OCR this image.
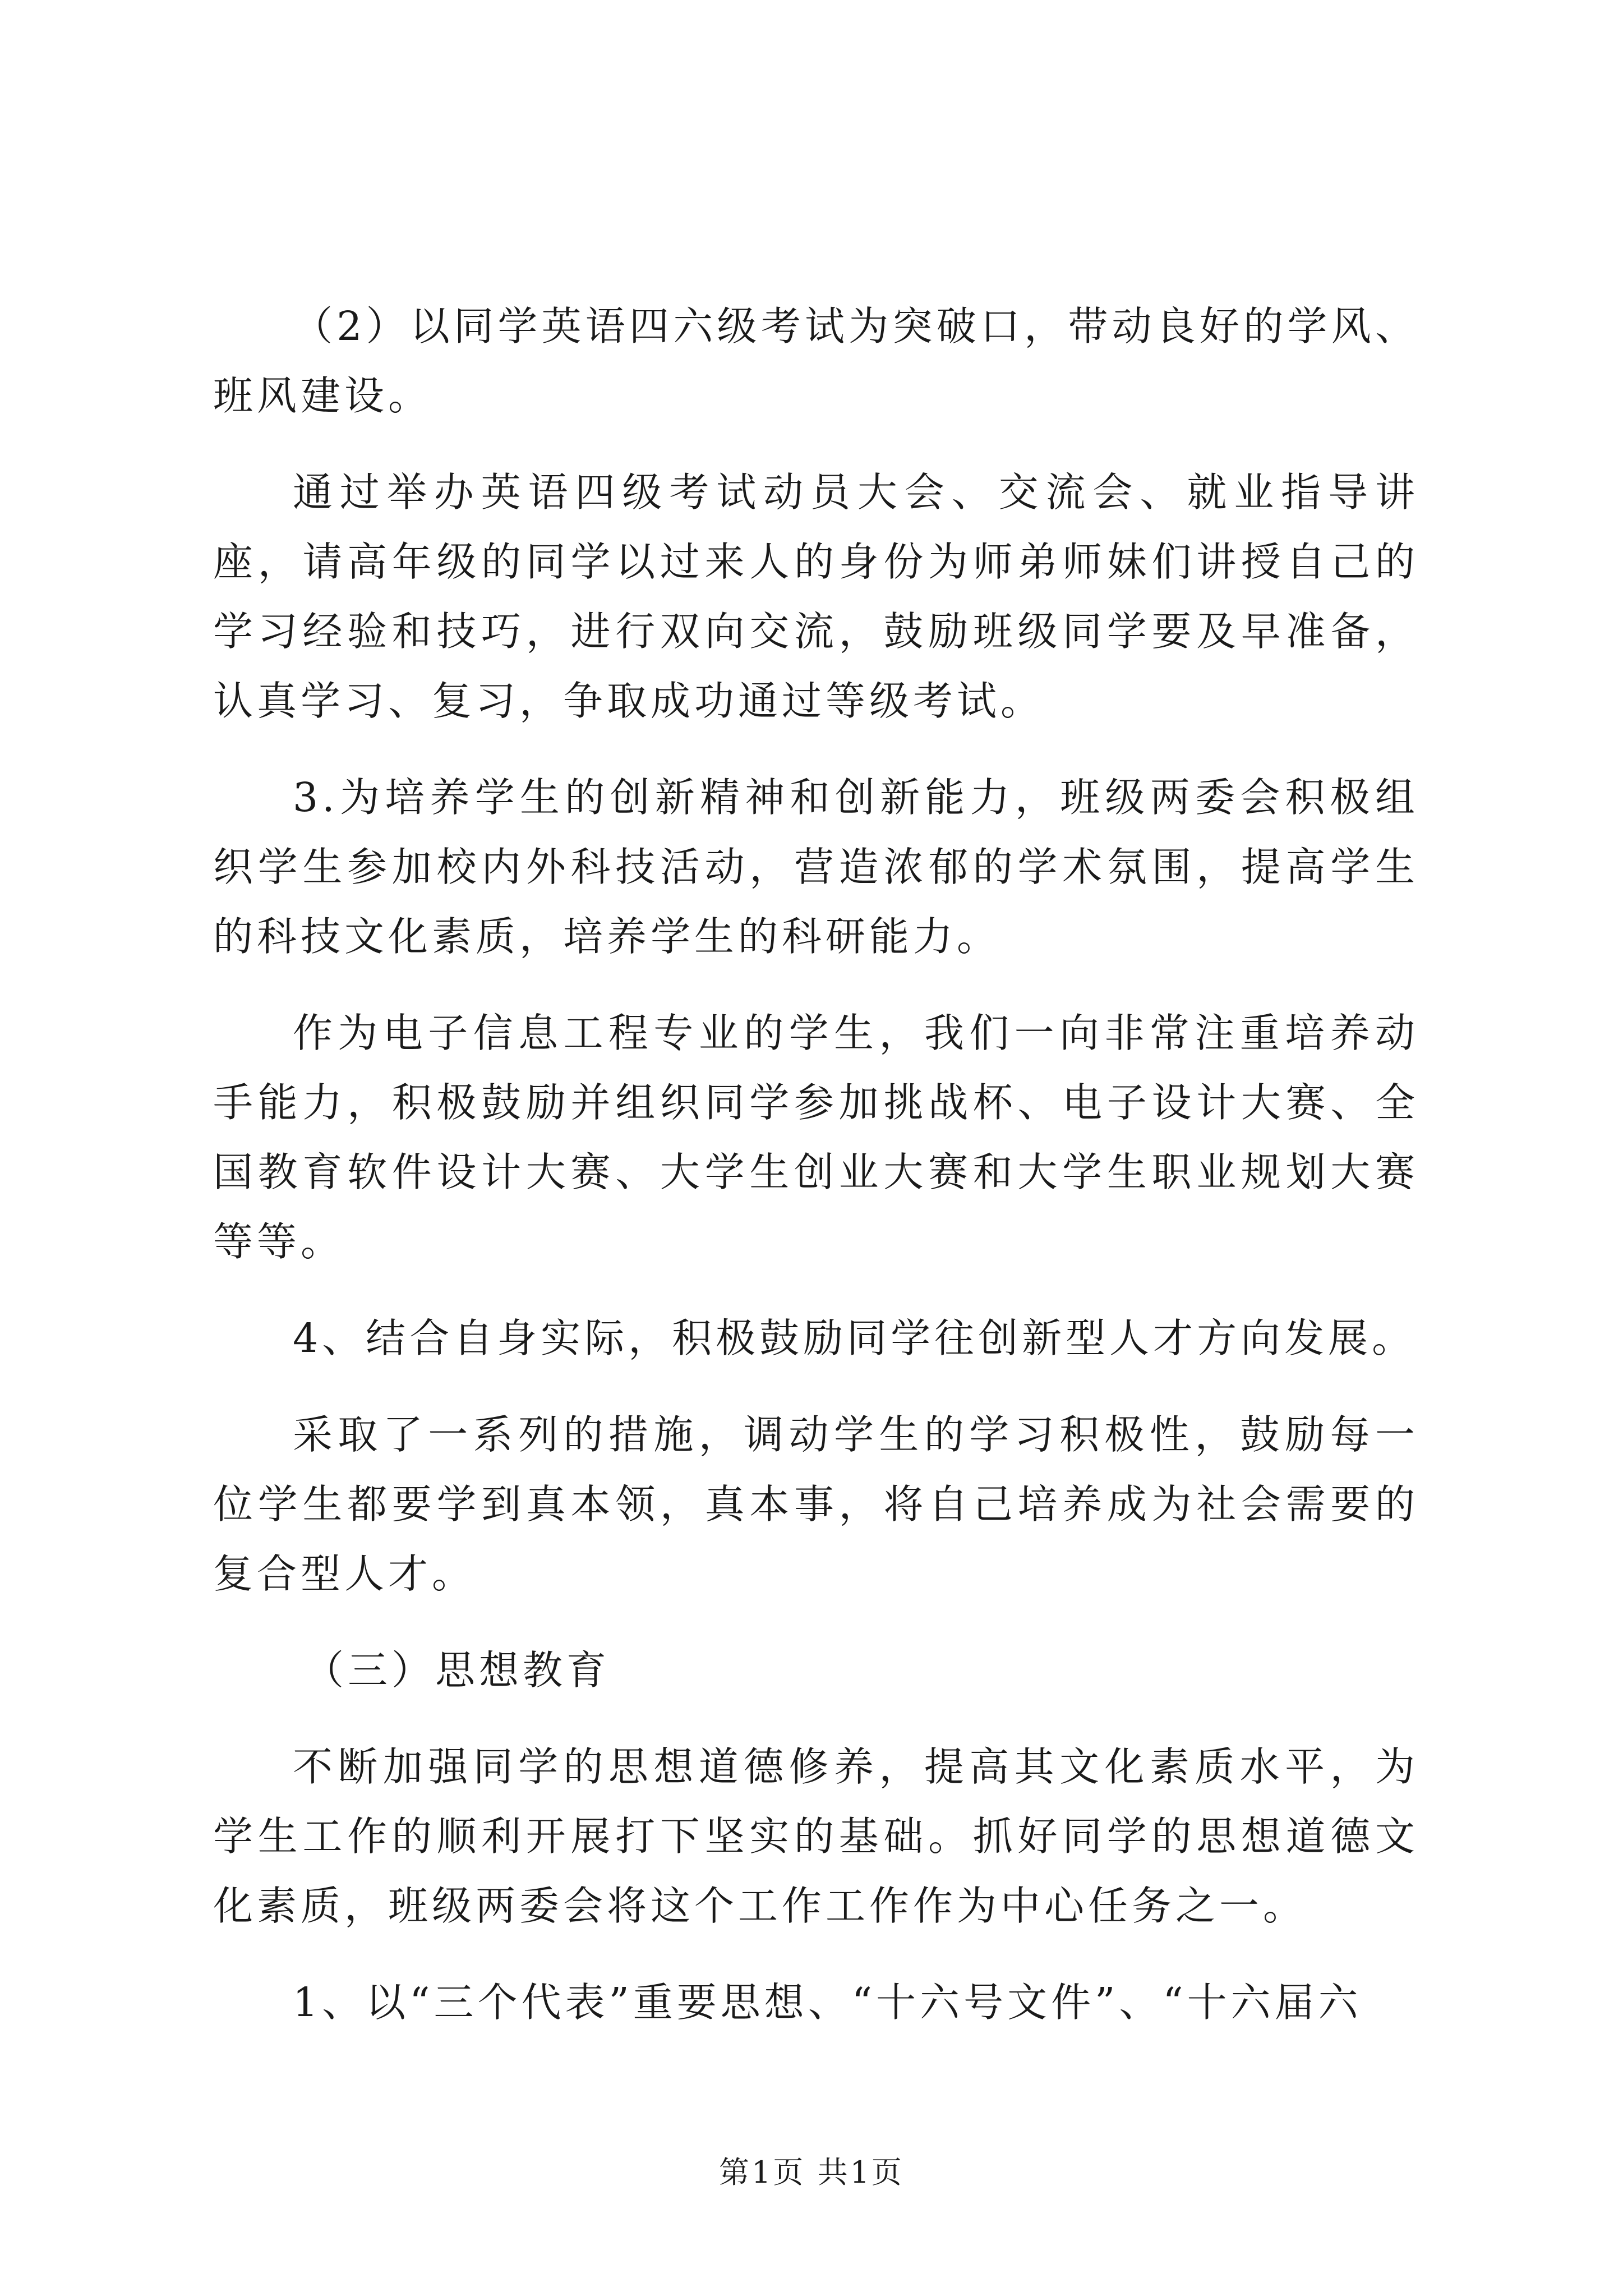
（2）以同学英语四六级考试为突破口，带动良好的学风、班风建设。

通过举办英语四级考试动员大会、交流会、就业指导讲座，请高年级的同学以过来人的身份为师弟师妹们讲授自己的学习经验和技巧，进行双向交流，鼓励班级同学要及早准备，认真学习、复习，争取成功通过等级考试。

3.为培养学生的创新精神和创新能力，班级两委会积极组织学生参加校内外科技活动，营造浓郁的学术氛围，提高学生的科技文化素质，培养学生的科研能力。

作为电子信息工程专业的学生，我们一向非常注重培养动手能力，积极鼓励并组织同学参加挑战杯、电子设计大赛、全国教育软件设计大赛、大学生创业大赛和大学生职业规划大赛等等。

4、结合自身实际，积极鼓励同学往创新型人才方向发展。

采取了一系列的措施，调动学生的学习积极性，鼓励每一位学生都要学到真本领，真本事，将自己培养成为社会需要的复合型人才。

（三）思想教育

不断加强同学的思想道德修养，提高其文化素质水平，为学生工作的顺利开展打下坚实的基础。抓好同学的思想道德文化素质，班级两委会将这个工作工作作为中心任务之一。

1、以“三个代表”重要思想、“十六号文件”、“十六届六

第1页 共1页
